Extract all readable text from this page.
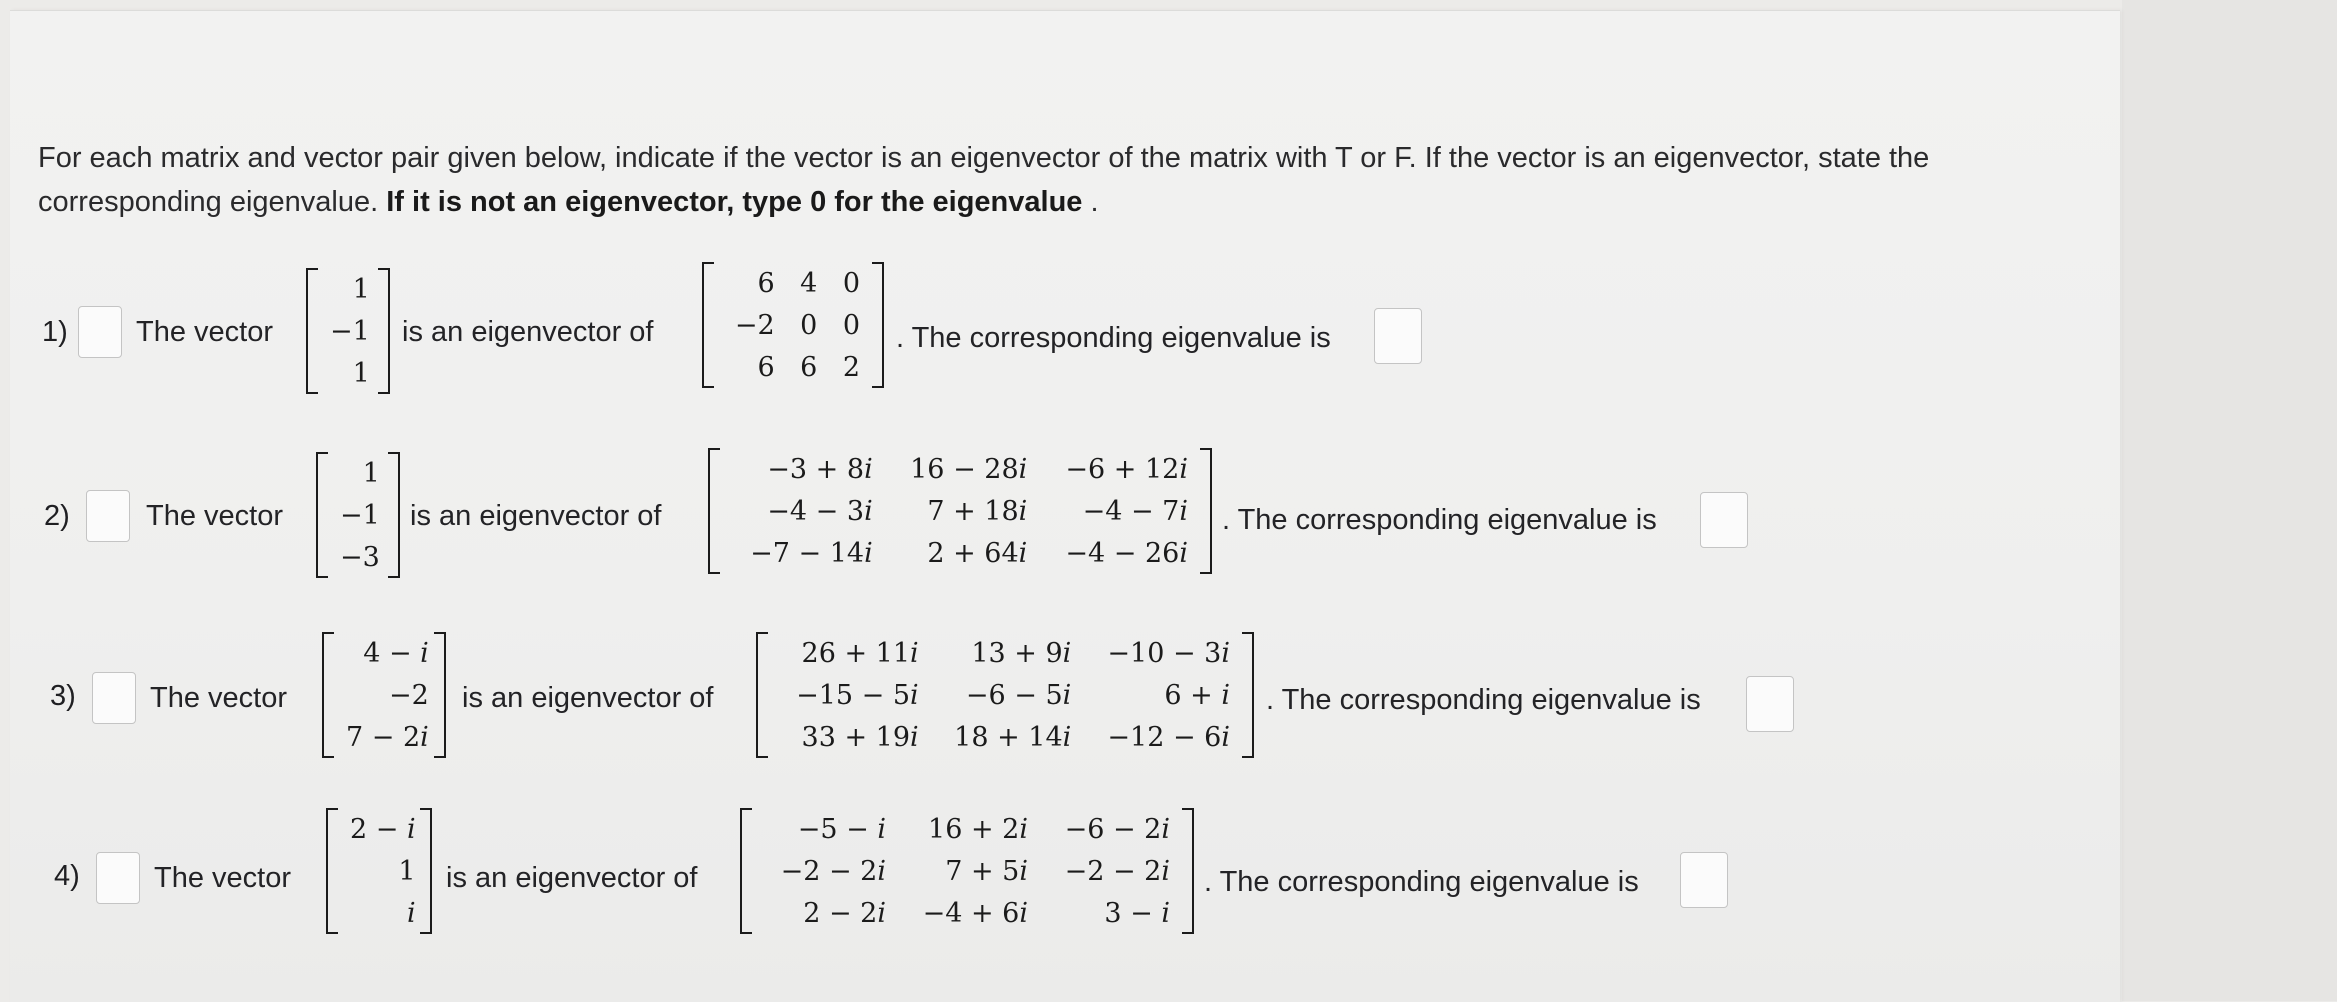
For each matrix and vector pair given below, indicate if the vector is an eigenvector of the matrix with T or F. If the vector is an eigenvector, state the corresponding eigenvalue. If it is not an eigenvector, type 0 for the eigenvalue .
1) The vector
1
−1
1
is an eigenvector of
6	4	0
−2	0	0
6	6	2
. The corresponding eigenvalue is
2)	The vector
1
−1
−3
is an eigenvector of
−3 + 8i	16 − 28i	−6 + 12i
−4 − 3i	7 + 18i	−4 − 7i
−7 − 14i	2 + 64i	−4 − 26i
. The corresponding eigenvalue is
3)	The vector
4 − i
−2
7 − 2i
is an eigenvector of
26 + 11i	13 + 9i	−10 − 3i
−15 − 5i	−6 − 5i	6 + i
33 + 19i	18 + 14i	−12 − 6i
. The corresponding eigenvalue is
4)	The vector
2 − i
1
i
is an eigenvector of
−5 − i	16 + 2i	−6 − 2i
−2 − 2i	7 + 5i	−2 − 2i
2 − 2i	−4 + 6i	3 − i
. The corresponding eigenvalue is
